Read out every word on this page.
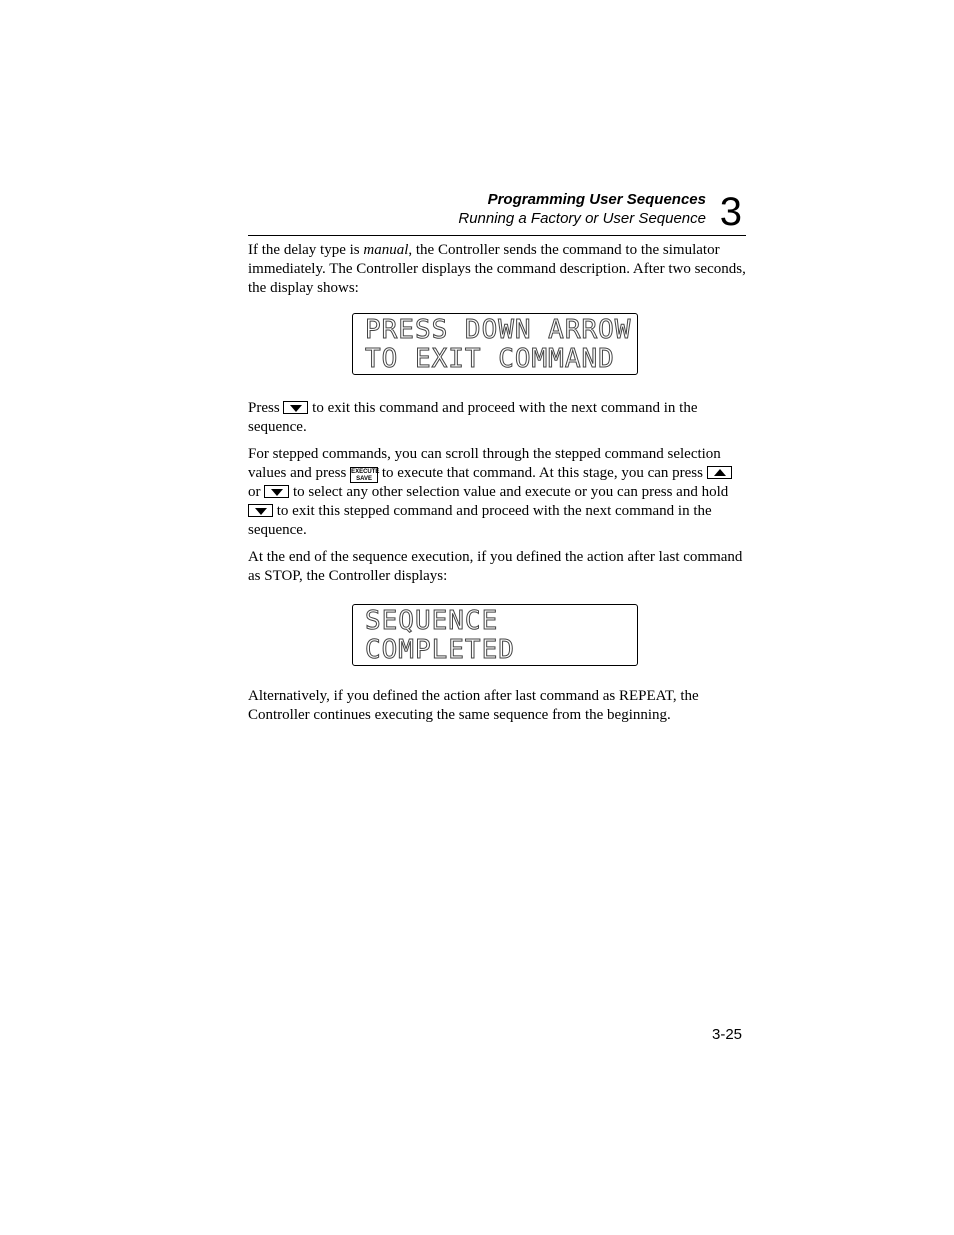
Programming User Sequences
Running a Factory or User Sequence 3

If the delay type is manual, the Controller sends the command to the simulator immediately. The Controller displays the command description. After two seconds, the display shows:

PRESS DOWN ARROW
TO EXIT COMMAND

Press  to exit this command and proceed with the next command in the sequence.

For stepped commands, you can scroll through the stepped command selection values and press EXECUTE
SAVE to execute that command. At this stage, you can press  or  to select any other selection value and execute or you can press and hold  to exit this stepped command and proceed with the next command in the sequence.

At the end of the sequence execution, if you defined the action after last command as STOP, the Controller displays:

SEQUENCE
COMPLETED

Alternatively, if you defined the action after last command as REPEAT, the Controller continues executing the same sequence from the beginning.

3-25
